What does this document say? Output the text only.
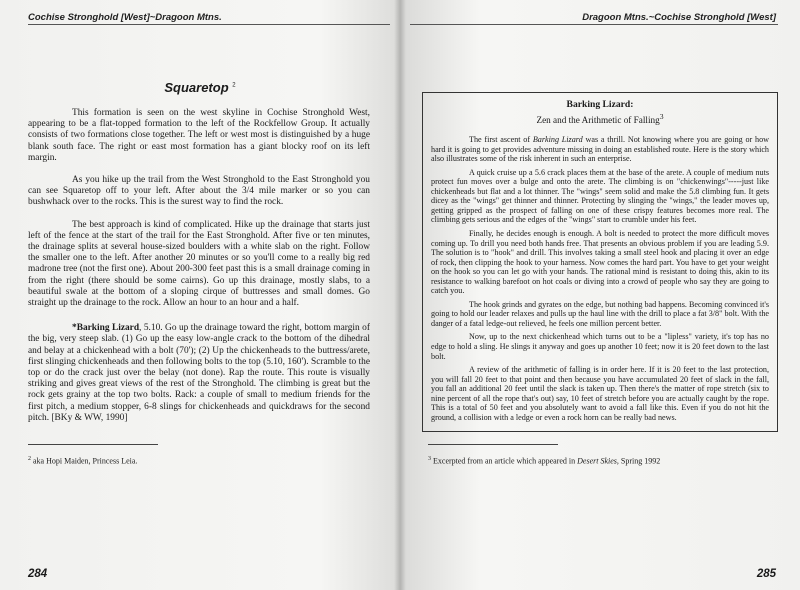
Cochise Stronghold [West]~Dragoon Mtns.
Squaretop $^2$

This formation is seen on the west skyline in Cochise Stronghold West, appearing to be a flat-topped formation to the left of the Rockfellow Group. It actually consists of two formations close together. The left or west most is distinguished by a huge blank south face. The right or east most formation has a giant blocky roof on its left margin.

As you hike up the trail from the West Stronghold to the East Stronghold you can see Squaretop off to your left. After about the 3/4 mile marker or so you can bushwhack over to the rocks. This is the surest way to find the rock.

The best approach is kind of complicated. Hike up the drainage that starts just left of the fence at the start of the trail for the East Stronghold. After five or ten minutes, the drainage splits at several house-sized boulders with a white slab on the right. Follow the smaller one to the left. After another 20 minutes or so you'll come to a really big red madrone tree (not the first one). About 200-300 feet past this is a small drainage coming in from the right (there should be some cairns). Go up this drainage, mostly slabs, to a beautiful swale at the bottom of a sloping cirque of buttresses and small domes. Go straight up the drainage to the rock. Allow an hour to an hour and a half.

*Barking Lizard, 5.10. Go up the drainage toward the right, bottom margin of the big, very steep slab. (1) Go up the easy low-angle crack to the bottom of the dihedral and belay at a chickenhead with a bolt (70'); (2) Up the chickenheads to the buttress/arete, first slinging chickenheads and then following bolts to the top (5.10, 160'). Scramble to the top or do the crack just over the belay (not done). Rap the route. This route is visually striking and gives great views of the rest of the Stronghold. The climbing is great but the rock gets grainy at the top two bolts. Rack: a couple of small to medium friends for the first pitch, a medium stopper, 6-8 slings for chickenheads and quickdraws for the second pitch. [BKy & WW, 1990]

$^2$ aka Hopi Maiden, Princess Leia.
284
Dragoon Mtns.~Cochise Stronghold [West]
Barking Lizard:
Zen and the Arithmetic of Falling$^3$

The first ascent of Barking Lizard was a thrill. Not knowing where you are going or how hard it is going to get provides adventure missing in doing an established route. Here is the story which also illustrates some of the risk inherent in such an enterprise.

A quick cruise up a 5.6 crack places them at the base of the arete. A couple of medium nuts protect fun moves over a bulge and onto the arete. The climbing is on "chickenwings"-----just like chickenheads but flat and a lot thinner. The "wings" seem solid and make the 5.8 climbing fun. It gets dicey as the "wings" get thinner and thinner. Protecting by slinging the "wings," the leader moves up, getting gripped as the prospect of falling on one of these crispy features becomes more real. The climbing gets serious and the edges of the "wings" start to crumble under his feet.

Finally, he decides enough is enough. A bolt is needed to protect the more difficult moves coming up. To drill you need both hands free. That presents an obvious problem if you are leading 5.9. The solution is to "hook" and drill. This involves taking a small steel hook and placing it over an edge of rock, then clipping the hook to your harness. Now comes the hard part. You have to get your weight on the hook so you can let go with your hands. The rational mind is resistant to doing this, akin to its resistance to walking barefoot on hot coals or diving into a crowd of people who say they are going to catch you.

The hook grinds and gyrates on the edge, but nothing bad happens. Becoming convinced it's going to hold our leader relaxes and pulls up the haul line with the drill to place a fat 3/8" bolt. With the danger of a fatal ledge-out relieved, he feels one million percent better.

Now, up to the next chickenhead which turns out to be a "lipless" variety, it's top has no edge to hold a sling. He slings it anyway and goes up another 10 feet; now it is 20 feet down to the last bolt.

A review of the arithmetic of falling is in order here. If it is 20 feet to the last protection, you will fall 20 feet to that point and then because you have accumulated 20 feet of slack in the fall, you fall an additional 20 feet until the slack is taken up. Then there's the matter of rope stretch (six to nine percent of all the rope that's out) say, 10 feet of stretch before you are actually caught by the rope. This is a total of 50 feet and you absolutely want to avoid a fall like this. Even if you do not hit the ground, a collision with a ledge or even a rock horn can be really bad news.

$^3$ Excerpted from an article which appeared in Desert Skies, Spring 1992
285
